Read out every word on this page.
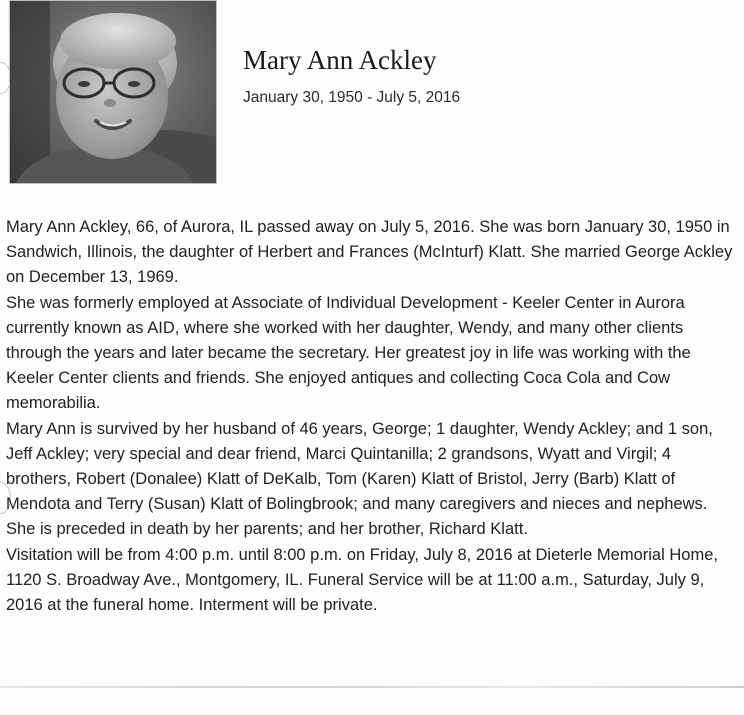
Mary Ann Ackley
January 30, 1950 - July 5, 2016

Mary Ann Ackley, 66, of Aurora, IL passed away on July 5, 2016. She was born January 30, 1950 in Sandwich, Illinois, the daughter of Herbert and Frances (McInturf) Klatt. She married George Ackley on December 13, 1969.

She was formerly employed at Associate of Individual Development - Keeler Center in Aurora currently known as AID, where she worked with her daughter, Wendy, and many other clients through the years and later became the secretary. Her greatest joy in life was working with the Keeler Center clients and friends. She enjoyed antiques and collecting Coca Cola and Cow memorabilia.

Mary Ann is survived by her husband of 46 years, George; 1 daughter, Wendy Ackley; and 1 son, Jeff Ackley; very special and dear friend, Marci Quintanilla; 2 grandsons, Wyatt and Virgil; 4 brothers, Robert (Donalee) Klatt of DeKalb, Tom (Karen) Klatt of Bristol, Jerry (Barb) Klatt of Mendota and Terry (Susan) Klatt of Bolingbrook; and many caregivers and nieces and nephews. She is preceded in death by her parents; and her brother, Richard Klatt.

Visitation will be from 4:00 p.m. until 8:00 p.m. on Friday, July 8, 2016 at Dieterle Memorial Home, 1120 S. Broadway Ave., Montgomery, IL. Funeral Service will be at 11:00 a.m., Saturday, July 9, 2016 at the funeral home. Interment will be private.
